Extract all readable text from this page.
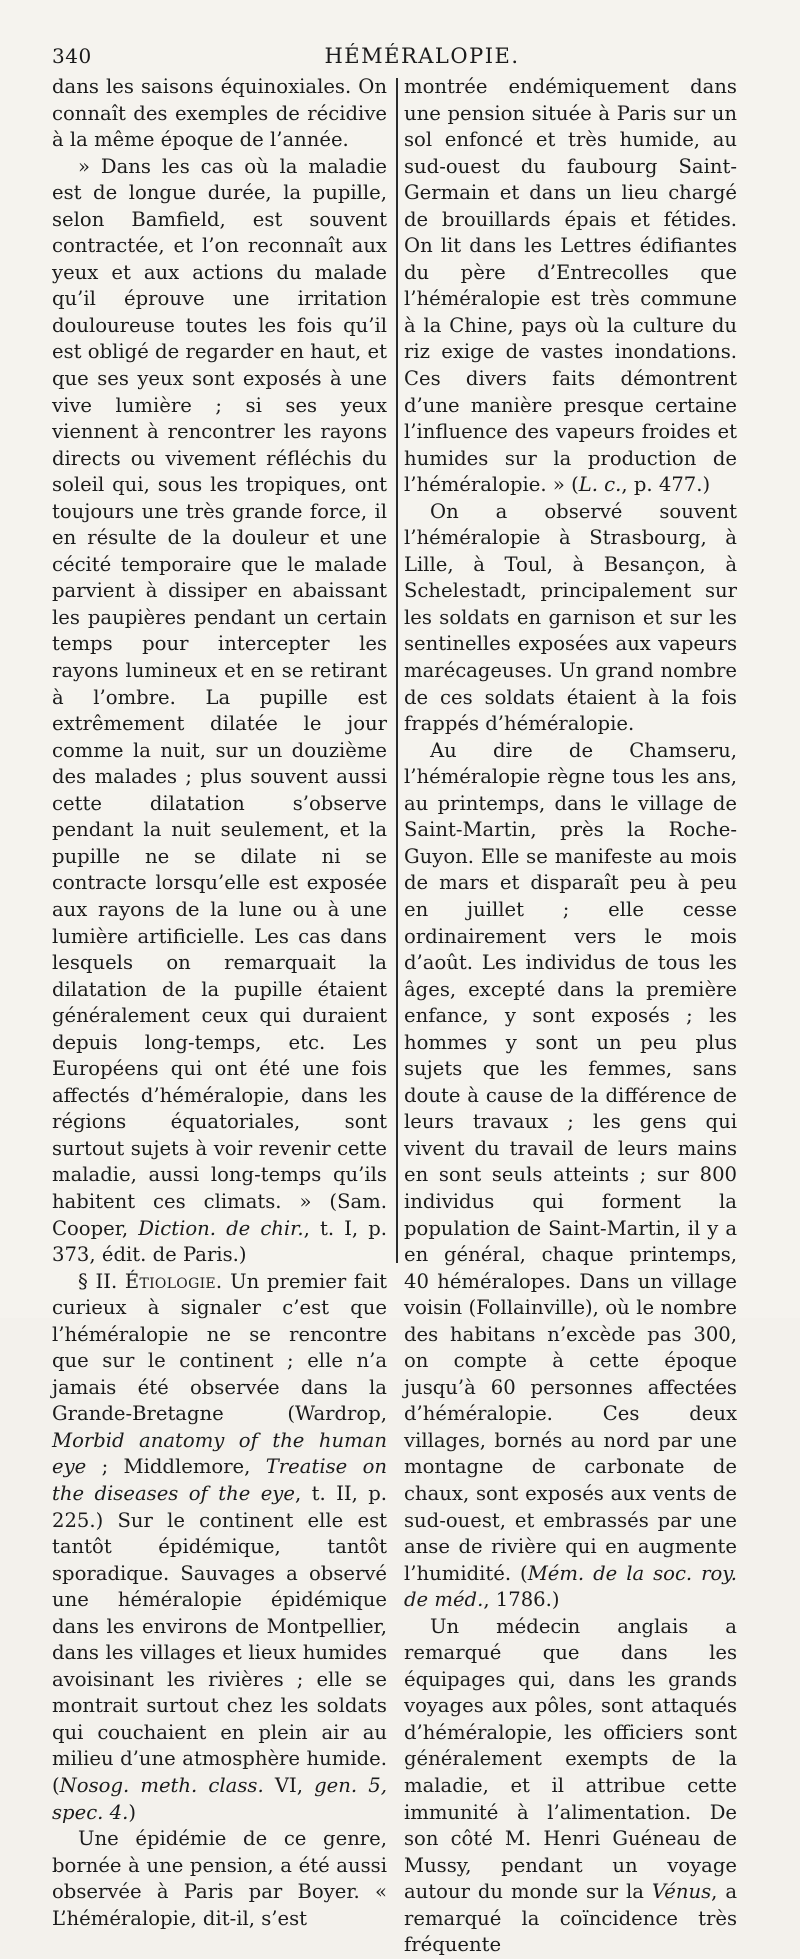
340	HÉMÉRALOPIE.

dans les saisons équinoxiales. On connaît des exemples de récidive à la même époque de l’année.

» Dans les cas où la maladie est de longue durée, la pupille, selon Bamfield, est souvent contractée, et l’on reconnaît aux yeux et aux actions du malade qu’il éprouve une irritation douloureuse toutes les fois qu’il est obligé de regarder en haut, et que ses yeux sont exposés à une vive lumière ; si ses yeux viennent à rencontrer les rayons directs ou vivement réfléchis du soleil qui, sous les tropiques, ont toujours une très grande force, il en résulte de la douleur et une cécité temporaire que le malade parvient à dissiper en abaissant les paupières pendant un certain temps pour intercepter les rayons lumineux et en se retirant à l’ombre. La pupille est extrêmement dilatée le jour comme la nuit, sur un douzième des malades ; plus souvent aussi cette dilatation s’observe pendant la nuit seulement, et la pupille ne se dilate ni se contracte lorsqu’elle est exposée aux rayons de la lune ou à une lumière artificielle. Les cas dans lesquels on remarquait la dilatation de la pupille étaient généralement ceux qui duraient depuis long-temps, etc. Les Européens qui ont été une fois affectés d’héméralopie, dans les régions équatoriales, sont surtout sujets à voir revenir cette maladie, aussi long-temps qu’ils habitent ces climats. » (Sam. Cooper, Diction. de chir., t. I, p. 373, édit. de Paris.)

§ II. Étiologie. Un premier fait curieux à signaler c’est que l’héméralopie ne se rencontre que sur le continent ; elle n’a jamais été observée dans la Grande-Bretagne (Wardrop, Morbid anatomy of the human eye ; Middlemore, Treatise on the diseases of the eye, t. II, p. 225.) Sur le continent elle est tantôt épidémique, tantôt sporadique. Sauvages a observé une héméralopie épidémique dans les environs de Montpellier, dans les villages et lieux humides avoisinant les rivières ; elle se montrait surtout chez les soldats qui couchaient en plein air au milieu d’une atmosphère humide. (Nosog. meth. class. VI, gen. 5, spec. 4.)

Une épidémie de ce genre, bornée à une pension, a été aussi observée à Paris par Boyer. « L’héméralopie, dit-il, s’est

montrée endémiquement dans une pension située à Paris sur un sol enfoncé et très humide, au sud-ouest du faubourg Saint-Germain et dans un lieu chargé de brouillards épais et fétides. On lit dans les Lettres édifiantes du père d’Entrecolles que l’héméralopie est très commune à la Chine, pays où la culture du riz exige de vastes inondations. Ces divers faits démontrent d’une manière presque certaine l’influence des vapeurs froides et humides sur la production de l’héméralopie. » (L. c., p. 477.)

On a observé souvent l’héméralopie à Strasbourg, à Lille, à Toul, à Besançon, à Schelestadt, principalement sur les soldats en garnison et sur les sentinelles exposées aux vapeurs marécageuses. Un grand nombre de ces soldats étaient à la fois frappés d’héméralopie.

Au dire de Chamseru, l’héméralopie règne tous les ans, au printemps, dans le village de Saint-Martin, près la Roche-Guyon. Elle se manifeste au mois de mars et disparaît peu à peu en juillet ; elle cesse ordinairement vers le mois d’août. Les individus de tous les âges, excepté dans la première enfance, y sont exposés ; les hommes y sont un peu plus sujets que les femmes, sans doute à cause de la différence de leurs travaux ; les gens qui vivent du travail de leurs mains en sont seuls atteints ; sur 800 individus qui forment la population de Saint-Martin, il y a en général, chaque printemps, 40 héméralopes. Dans un village voisin (Follainville), où le nombre des habitans n’excède pas 300, on compte à cette époque jusqu’à 60 personnes affectées d’héméralopie. Ces deux villages, bornés au nord par une montagne de carbonate de chaux, sont exposés aux vents de sud-ouest, et embrassés par une anse de rivière qui en augmente l’humidité. (Mém. de la soc. roy. de méd., 1786.)

Un médecin anglais a remarqué que dans les équipages qui, dans les grands voyages aux pôles, sont attaqués d’héméralopie, les officiers sont généralement exempts de la maladie, et il attribue cette immunité à l’alimentation. De son côté M. Henri Guéneau de Mussy, pendant un voyage autour du monde sur la Vénus, a remarqué la coïncidence très fréquente
